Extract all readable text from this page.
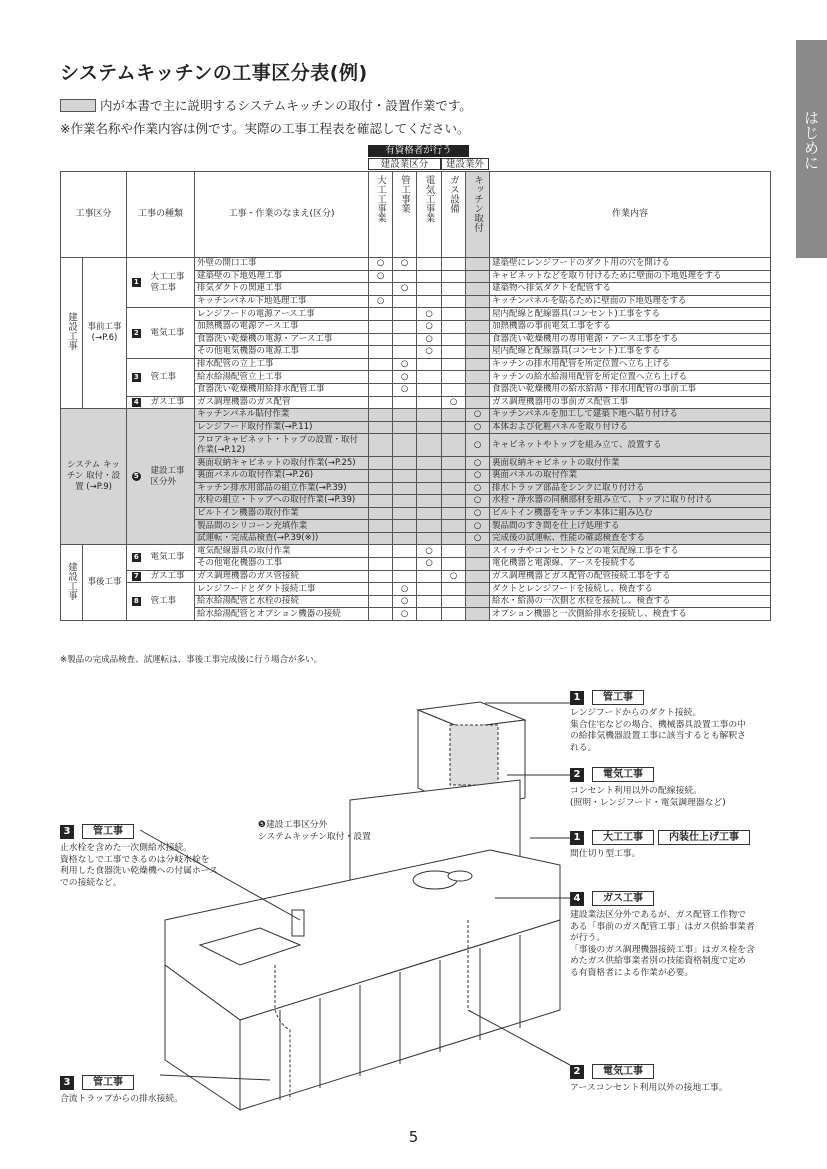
システムキッチンの工事区分表(例)
内が本書で主に説明するシステムキッチンの取付・設置作業です。
※作業名称や作業内容は例です。実際の工事工程表を確認してください。	はじめに
有資格者が行う
建設業区分	建設業外
工事区分		工事の種類		工事・作業のなまえ(区分)	大工工事業	管工事業	電気工事業	ガス設備	キッチン取付	作業内容
建設工事	事前工事
(→P.6)	1	大工工事 管工事	外壁の開口工事	○	○				建築壁にレンジフードのダクト用の穴を開ける
				建築壁の下地処理工事	○					キャビネットなどを取り付けるために壁面の下地処理をする
				排気ダクトの関連工事		○				建築物へ排気ダクトを配管する
				キッチンパネル下地処理工事	○					キッチンパネルを貼るために壁面の下地処理をする
		2	電気工事	レンジフードの電源アース工事			○			屋内配線と配線器具(コンセント)工事をする
				加熱機器の電源アース工事			○			加熱機器の事前電気工事をする
				食器洗い乾燥機の電源・アース工事			○			食器洗い乾燥機用の専用電源・アース工事をする
				その他電気機器の電源工事			○			屋内配線と配線器具(コンセント)工事をする
		3	管工事	排水配管の立上工事		○				キッチンの排水用配管を所定位置へ立ち上げる
				給水給湯配管立上工事		○				キッチンの給水給湯用配管を所定位置へ立ち上げる
				食器洗い乾燥機用給排水配管工事		○				食器洗い乾燥機用の給水給湯・排水用配管の事前工事
		4	ガス工事	ガス調理機器のガス配管				○		ガス調理機器用の事前ガス配管工事
システム キッチン 取付・設置 (→P.9)		5	建設工事 区分外	キッチンパネル貼付作業					○	キッチンパネルを加工して建築下地へ貼り付ける
				レンジフード取付作業(→P.11)					○	本体および化粧パネルを取り付ける
				フロアキャビネット・トップの設置・取付作業(→P.12)					○	キャビネットやトップを組み立て、設置する
				裏面収納キャビネットの取付作業(→P.25)					○	裏面収納キャビネットの取付作業
				裏面パネルの取付作業(→P.26)					○	裏面パネルの取付作業
				キッチン排水用部品の組立作業(→P.39)					○	排水トラップ部品をシンクに取り付ける
				水栓の組立・トップへの取付作業(→P.39)					○	水栓・浄水器の同梱部材を組み立て、トップに取り付ける
				ビルトイン機器の取付作業					○	ビルトイン機器をキッチン本体に組み込む
				製品間のシリコーン充填作業					○	製品間のすき間を仕上げ処理する
				試運転・完成品検査(→P.39(※))					○	完成後の試運転、性能の確認検査をする
建設工事	事後工事	6	電気工事	電気配線器具の取付作業			○			スイッチやコンセントなどの電気配線工事をする
				その他電化機器の工事			○			電化機器と電源線、アースを接続する
		7	ガス工事	ガス調理機器のガス管接続				○		ガス調理機器とガス配管の配管接続工事をする
		8	管工事	レンジフードとダクト接続工事		○				ダクトとレンジフードを接続し、検査する
				給水給湯配管と水栓の接続		○				給水・給湯の一次側と水栓を接続し、検査する
				給水給湯配管とオプション機器の接続		○				オプション機器と一次側給排水を接続し、検査する
※製品の完成品検査、試運転は、事後工事完成後に行う場合が多い。
1	管工事
レンジフードからのダクト接続。
集合住宅などの場合、機械器具設置工事の中
の給排気機器設置工事に該当するとも解釈さ
れる。
2	電気工事
コンセント利用以外の配線接続。
(照明・レンジフード・電気調理器など)
1	大工工事	内装仕上げ工事
間仕切り型工事。
4	ガス工事
建設業法区分外であるが、ガス配管工作物で
ある「事前のガス配管工事」はガス供給事業者
が行う。
「事後のガス調理機器接続工事」はガス栓を含
めたガス供給事業者別の技能資格制度で定め
る有資格者による作業が必要。
2	電気工事
アースコンセント利用以外の接地工事。
3	管工事
止水栓を含めた一次側給水接続。
資格なしで工事できるのは分岐水栓を
利用した食器洗い乾燥機への付属ホース
での接続など。
3	管工事
合流トラップからの排水接続。
❺建設工事区分外
システムキッチン取付・設置
5
